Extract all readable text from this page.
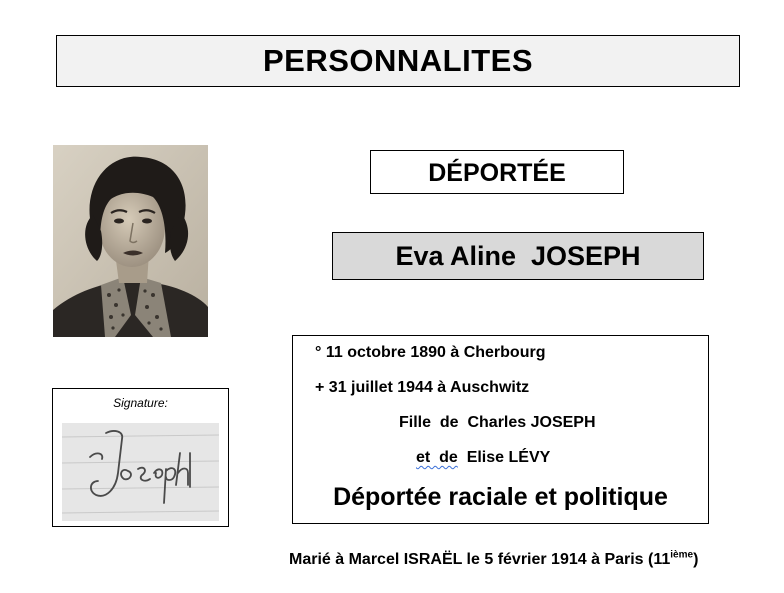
PERSONNALITES
DÉPORTÉE
Eva Aline  JOSEPH
Signature:
° 11 octobre 1890 à Cherbourg
+ 31 juillet 1944 à Auschwitz
Fille  de  Charles JOSEPH
et  de  Elise LÉVY
Déportée raciale et politique
Marié à Marcel ISRAËL le 5 février 1914 à Paris (11ième)
